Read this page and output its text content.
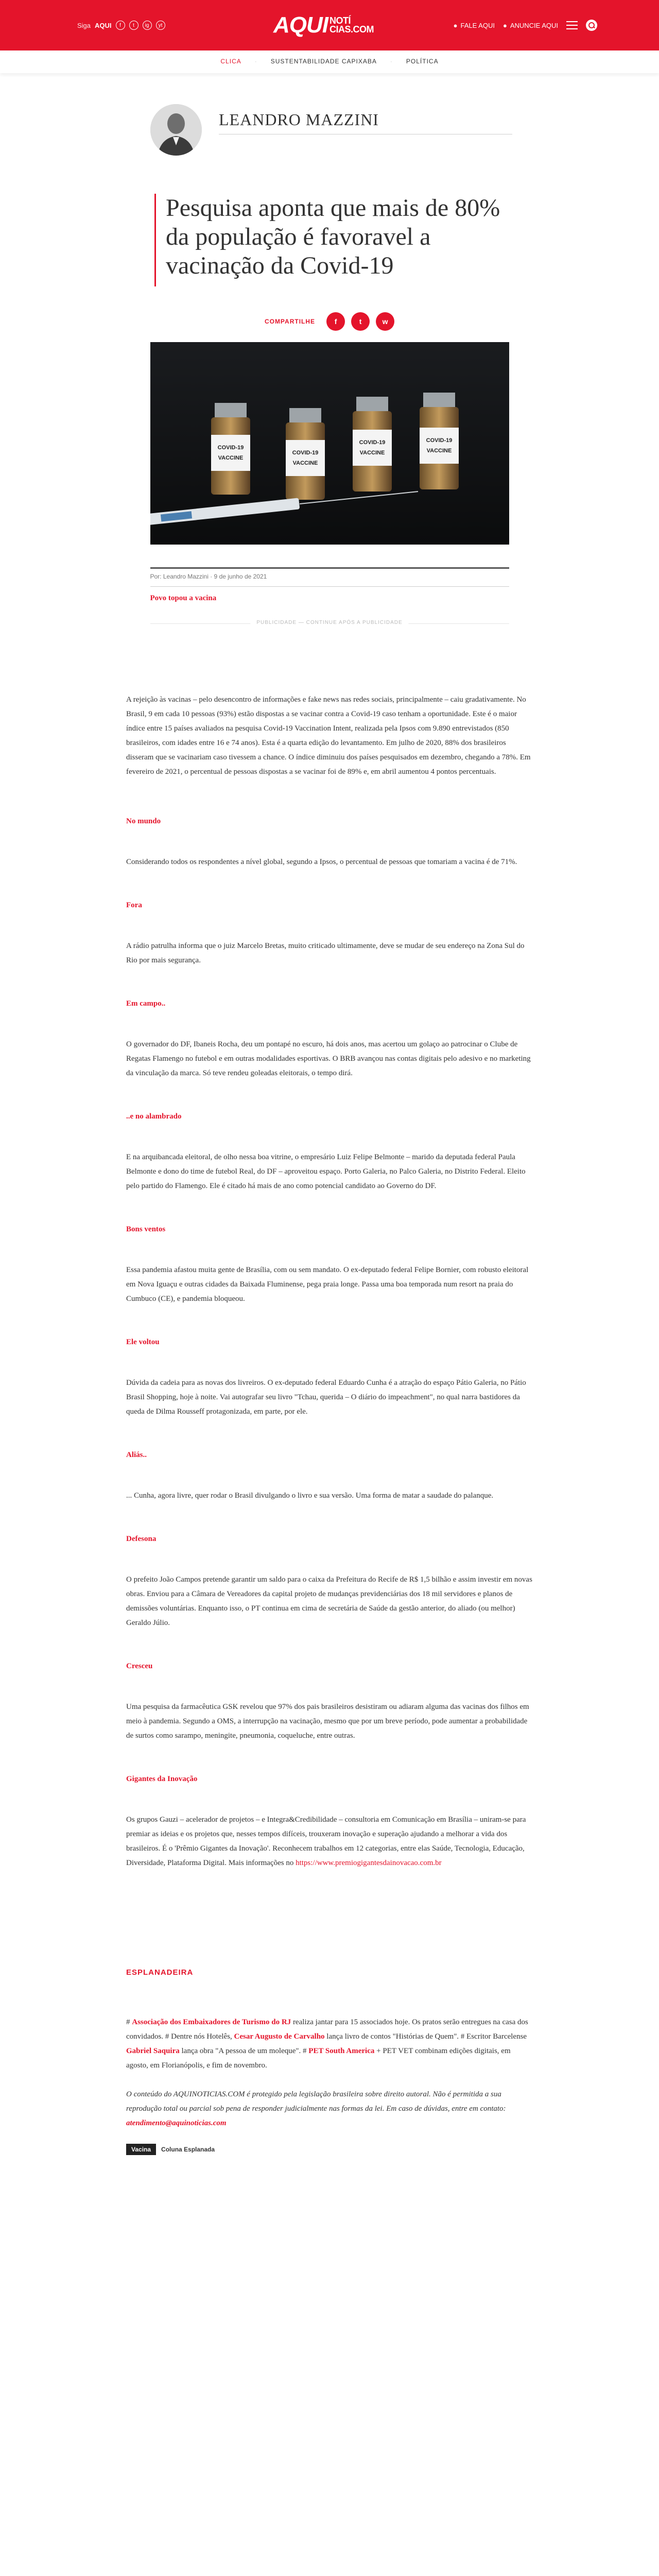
Siga AQUI	f	t	ig	yt	AQUI NOTÍ
CIAS.COM	● FALE AQUI ● ANUNCIE AQUI
CLICA · SUSTENTABILIDADE CAPIXABA · POLÍTICA
LEANDRO MAZZINI
Pesquisa aponta que mais de 80% da população é favoravel a vacinação da Covid-19
COMPARTILHE	f	t	w
COVID-19
VACCINE
COVID-19
VACCINE
COVID-19
VACCINE
COVID-19
VACCINE
Por: Leandro Mazzini · 9 de junho de 2021
Povo topou a vacina
PUBLICIDADE — CONTINUE APÓS A PUBLICIDADE

A rejeição às vacinas – pelo desencontro de informações e fake news nas redes sociais, principalmente – caiu gradativamente. No Brasil, 9 em cada 10 pessoas (93%) estão dispostas a se vacinar contra a Covid-19 caso tenham a oportunidade. Este é o maior índice entre 15 países avaliados na pesquisa Covid-19 Vaccination Intent, realizada pela Ipsos com 9.890 entrevistados (850 brasileiros, com idades entre 16 e 74 anos). Esta é a quarta edição do levantamento. Em julho de 2020, 88% dos brasileiros disseram que se vacinariam caso tivessem a chance. O índice diminuiu dos países pesquisados em dezembro, chegando a 78%. Em fevereiro de 2021, o percentual de pessoas dispostas a se vacinar foi de 89% e, em abril aumentou 4 pontos percentuais.

No mundo

Considerando todos os respondentes a nível global, segundo a Ipsos, o percentual de pessoas que tomariam a vacina é de 71%.

Fora

A rádio patrulha informa que o juiz Marcelo Bretas, muito criticado ultimamente, deve se mudar de seu endereço na Zona Sul do Rio por mais segurança.

Em campo..

O governador do DF, Ibaneis Rocha, deu um pontapé no escuro, há dois anos, mas acertou um golaço ao patrocinar o Clube de Regatas Flamengo no futebol e em outras modalidades esportivas. O BRB avançou nas contas digitais pelo adesivo e no marketing da vinculação da marca. Só teve rendeu goleadas eleitorais, o tempo dirá.

..e no alambrado

E na arquibancada eleitoral, de olho nessa boa vitrine, o empresário Luiz Felipe Belmonte – marido da deputada federal Paula Belmonte e dono do time de futebol Real, do DF – aproveitou espaço. Porto Galeria, no Palco Galeria, no Distrito Federal. Eleito pelo partido do Flamengo. Ele é citado há mais de ano como potencial candidato ao Governo do DF.

Bons ventos

Essa pandemia afastou muita gente de Brasília, com ou sem mandato. O ex-deputado federal Felipe Bornier, com robusto eleitoral em Nova Iguaçu e outras cidades da Baixada Fluminense, pega praia longe. Passa uma boa temporada num resort na praia do Cumbuco (CE), e pandemia bloqueou.

Ele voltou

Dúvida da cadeia para as novas dos livreiros. O ex-deputado federal Eduardo Cunha é a atração do espaço Pátio Galeria, no Pátio Brasil Shopping, hoje à noite. Vai autografar seu livro "Tchau, querida – O diário do impeachment", no qual narra bastidores da queda de Dilma Rousseff protagonizada, em parte, por ele.

Aliás..

... Cunha, agora livre, quer rodar o Brasil divulgando o livro e sua versão. Uma forma de matar a saudade do palanque.

Defesona

O prefeito João Campos pretende garantir um saldo para o caixa da Prefeitura do Recife de R$ 1,5 bilhão e assim investir em novas obras. Enviou para a Câmara de Vereadores da capital projeto de mudanças previdenciárias dos 18 mil servidores e planos de demissões voluntárias. Enquanto isso, o PT continua em cima de secretária de Saúde da gestão anterior, do aliado (ou melhor) Geraldo Júlio.

Cresceu

Uma pesquisa da farmacêutica GSK revelou que 97% dos pais brasileiros desistiram ou adiaram alguma das vacinas dos filhos em meio à pandemia. Segundo a OMS, a interrupção na vacinação, mesmo que por um breve período, pode aumentar a probabilidade de surtos como sarampo, meningite, pneumonia, coqueluche, entre outras.

Gigantes da Inovação

Os grupos Gauzi – acelerador de projetos – e Integra&Credibilidade – consultoria em Comunicação em Brasília – uniram-se para premiar as ideias e os projetos que, nesses tempos difíceis, trouxeram inovação e superação ajudando a melhorar a vida dos brasileiros. É o 'Prêmio Gigantes da Inovação'. Reconhecem trabalhos em 12 categorias, entre elas Saúde, Tecnologia, Educação, Diversidade, Plataforma Digital. Mais informações no https://www.premiogigantesdainovacao.com.br

ESPLANADEIRA

# Associação dos Embaixadores de Turismo do RJ realiza jantar para 15 associados hoje. Os pratos serão entregues na casa dos convidados. # Dentre nós Hotelês, Cesar Augusto de Carvalho lança livro de contos "Histórias de Quem". # Escritor Barcelense Gabriel Saquira lança obra "A pessoa de um moleque". # PET South America + PET VET combinam edições digitais, em agosto, em Florianópolis, e fim de novembro.

O conteúdo do AQUINOTICIAS.COM é protegido pela legislação brasileira sobre direito autoral. Não é permitida a sua reprodução total ou parcial sob pena de responder judicialmente nas formas da lei. Em caso de dúvidas, entre em contato: atendimento@aquinoticias.com

Vacina	Coluna Esplanada
